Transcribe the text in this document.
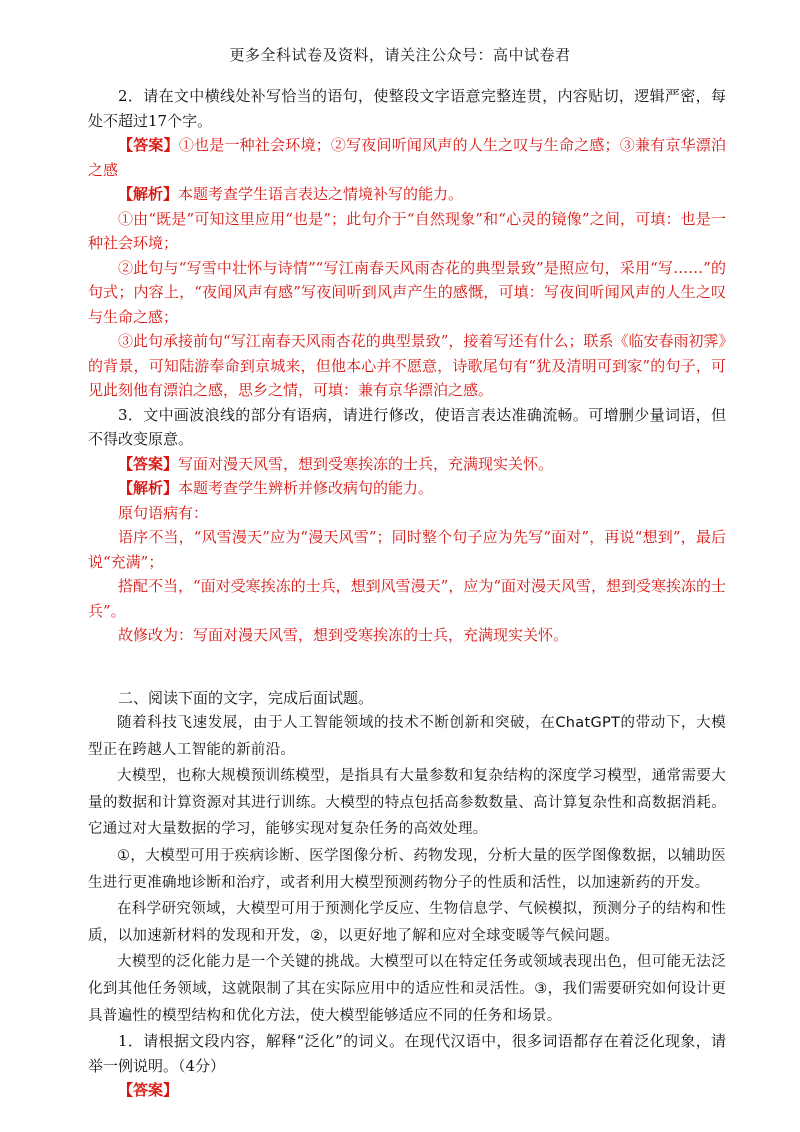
更多全科试卷及资料，请关注公众号：高中试卷君

2．请在文中横线处补写恰当的语句，使整段文字语意完整连贯，内容贴切，逻辑严密，每处不超过17个字。

【答案】①也是一种社会环境；②写夜间听闻风声的人生之叹与生命之感；③兼有京华漂泊之感

【解析】本题考查学生语言表达之情境补写的能力。

①由“既是”可知这里应用“也是”；此句介于“自然现象”和“心灵的镜像”之间，可填：也是一种社会环境；

②此句与“写雪中壮怀与诗情”“写江南春天风雨杏花的典型景致”是照应句，采用“写……”的句式；内容上，“夜闻风声有感”写夜间听到风声产生的感慨，可填：写夜间听闻风声的人生之叹与生命之感；

③此句承接前句“写江南春天风雨杏花的典型景致”，接着写还有什么；联系《临安春雨初霁》的背景，可知陆游奉命到京城来，但他本心并不愿意，诗歌尾句有“犹及清明可到家”的句子，可见此刻他有漂泊之感，思乡之情，可填：兼有京华漂泊之感。

3．文中画波浪线的部分有语病，请进行修改，使语言表达准确流畅。可增删少量词语，但不得改变原意。

【答案】写面对漫天风雪，想到受寒挨冻的士兵，充满现实关怀。

【解析】本题考查学生辨析并修改病句的能力。

原句语病有：

语序不当，“风雪漫天”应为“漫天风雪”；同时整个句子应为先写“面对”，再说“想到”，最后说“充满”；

搭配不当，“面对受寒挨冻的士兵，想到风雪漫天”，应为“面对漫天风雪，想到受寒挨冻的士兵”。

故修改为：写面对漫天风雪，想到受寒挨冻的士兵，充满现实关怀。

二、阅读下面的文字，完成后面试题。

随着科技飞速发展，由于人工智能领域的技术不断创新和突破，在ChatGPT的带动下，大模型正在跨越人工智能的新前沿。

大模型，也称大规模预训练模型，是指具有大量参数和复杂结构的深度学习模型，通常需要大量的数据和计算资源对其进行训练。大模型的特点包括高参数数量、高计算复杂性和高数据消耗。它通过对大量数据的学习，能够实现对复杂任务的高效处理。

①，大模型可用于疾病诊断、医学图像分析、药物发现，分析大量的医学图像数据，以辅助医生进行更准确地诊断和治疗，或者利用大模型预测药物分子的性质和活性，以加速新药的开发。

在科学研究领域，大模型可用于预测化学反应、生物信息学、气候模拟，预测分子的结构和性质，以加速新材料的发现和开发，②，以更好地了解和应对全球变暖等气候问题。

大模型的泛化能力是一个关键的挑战。大模型可以在特定任务或领域表现出色，但可能无法泛化到其他任务领域，这就限制了其在实际应用中的适应性和灵活性。③，我们需要研究如何设计更具普遍性的模型结构和优化方法，使大模型能够适应不同的任务和场景。

1．请根据文段内容，解释“泛化”的词义。在现代汉语中，很多词语都存在着泛化现象，请举一例说明。（4分）

【答案】
